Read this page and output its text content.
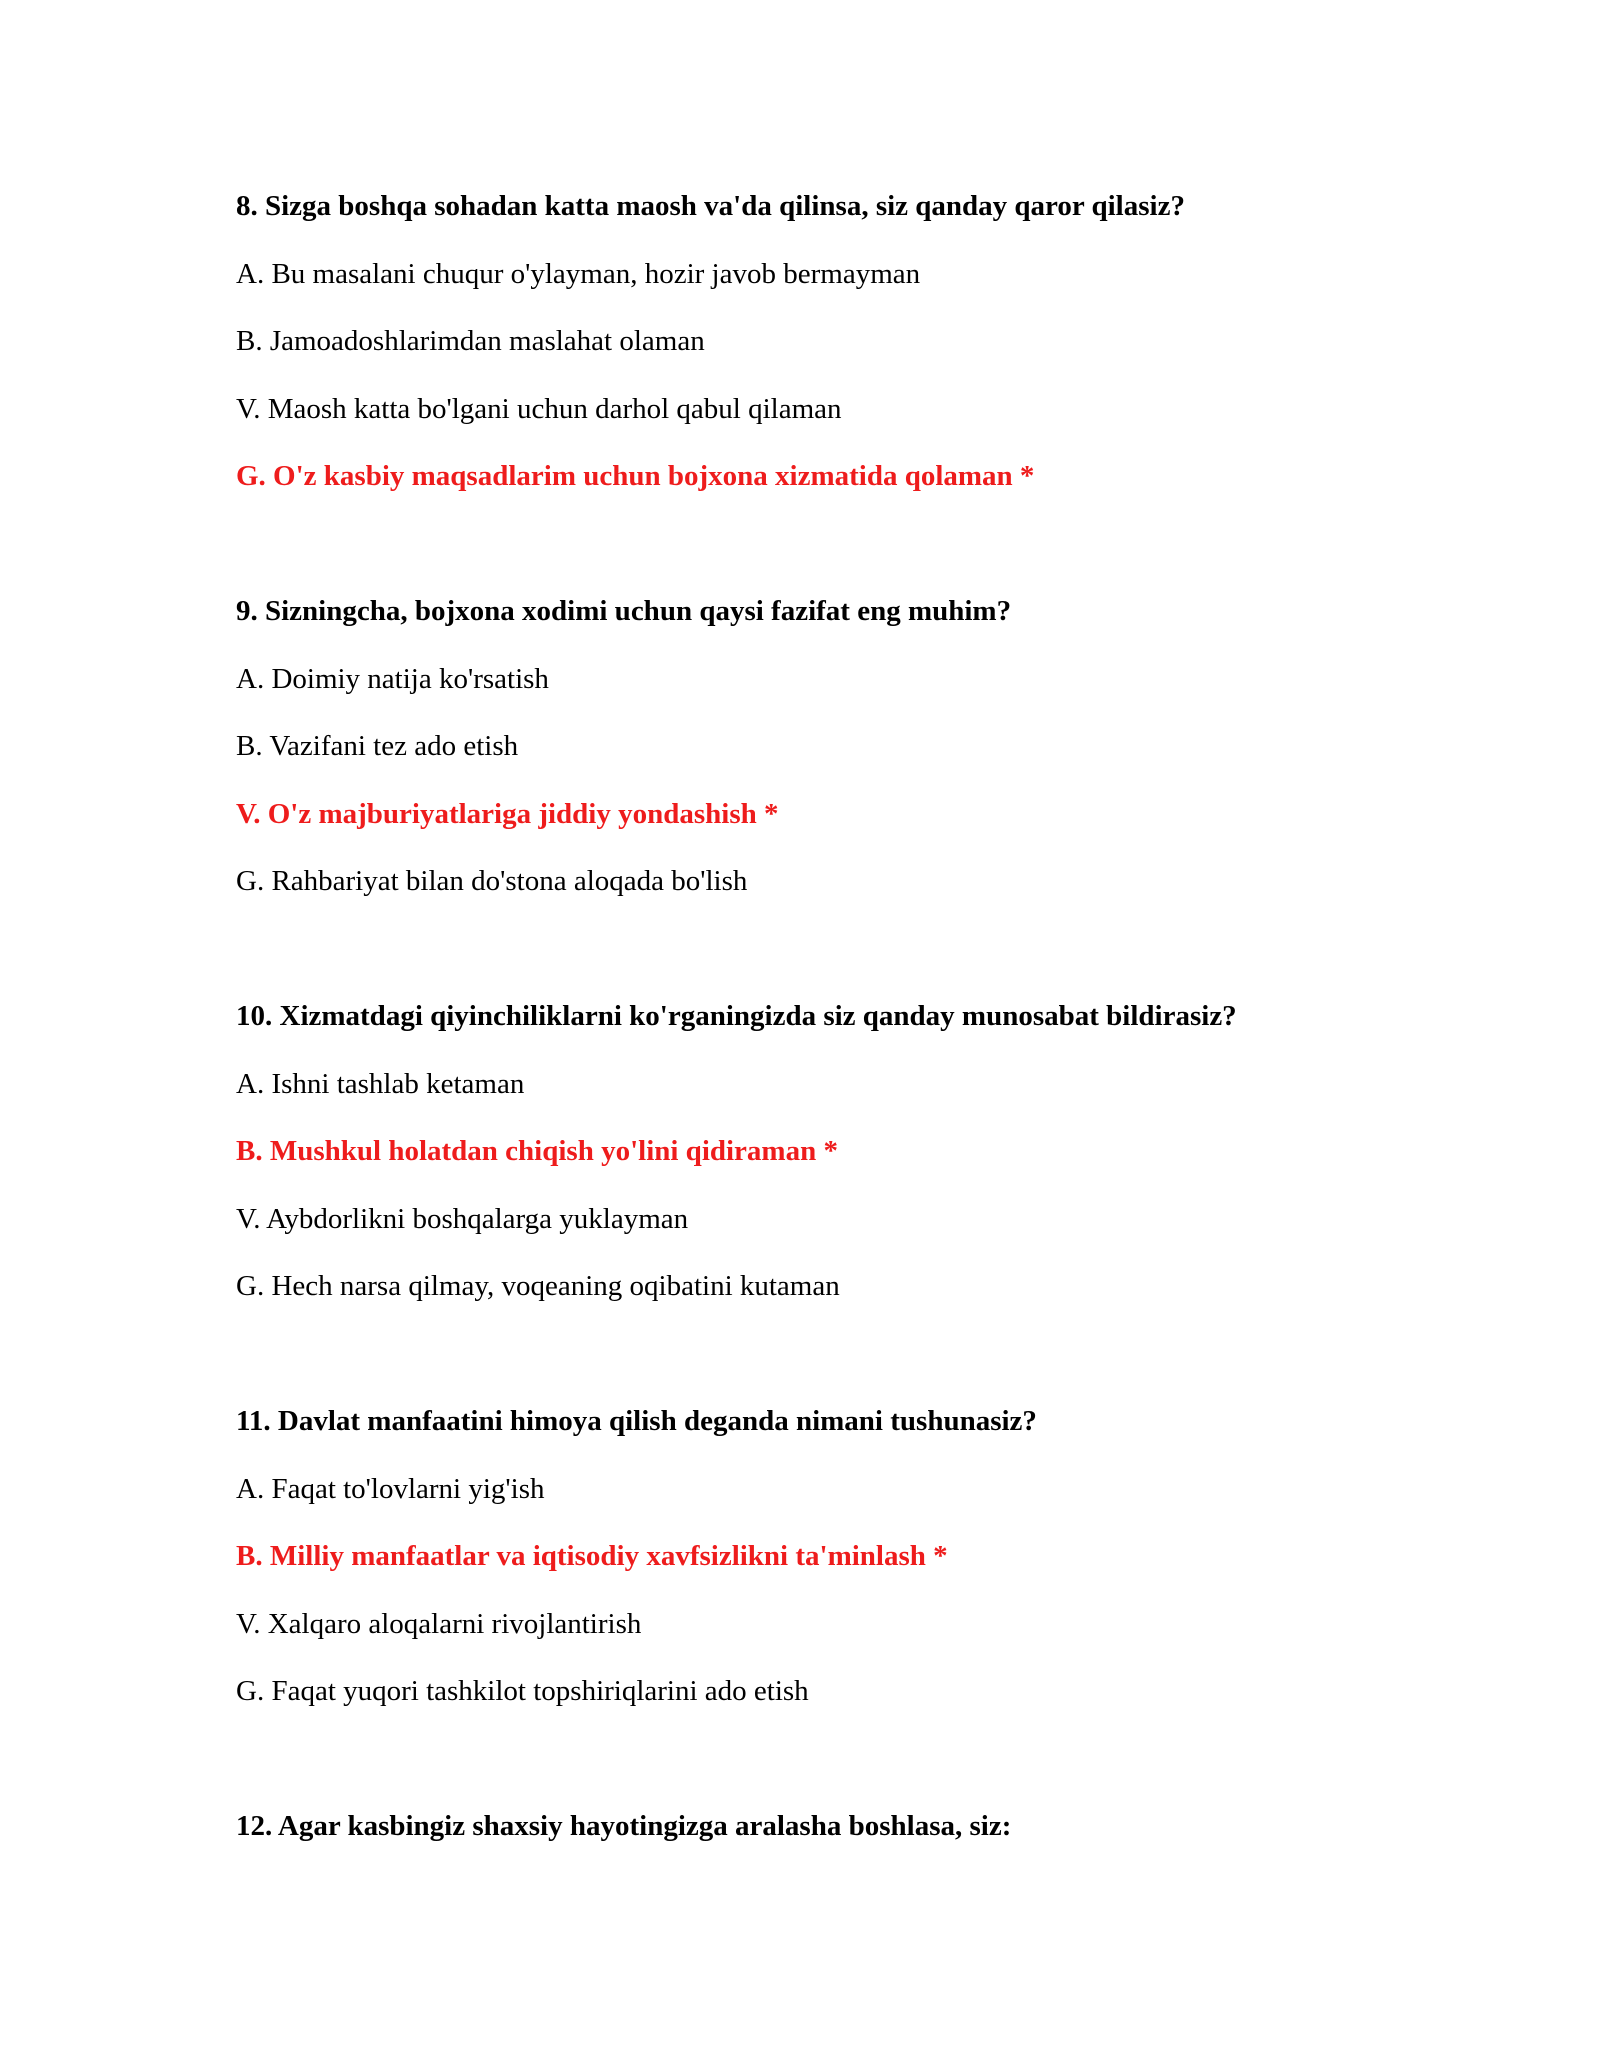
8. Sizga boshqa sohadan katta maosh va'da qilinsa, siz qanday qaror qilasiz?
A. Bu masalani chuqur o'ylayman, hozir javob bermayman
B. Jamoadoshlarimdan maslahat olaman
V. Maosh katta bo'lgani uchun darhol qabul qilaman
G. O'z kasbiy maqsadlarim uchun bojxona xizmatida qolaman *
9. Sizningcha, bojxona xodimi uchun qaysi fazifat eng muhim?
A. Doimiy natija ko'rsatish
B. Vazifani tez ado etish
V. O'z majburiyatlariga jiddiy yondashish *
G. Rahbariyat bilan do'stona aloqada bo'lish
10. Xizmatdagi qiyinchiliklarni ko'rganingizda siz qanday munosabat bildirasiz?
A. Ishni tashlab ketaman
B. Mushkul holatdan chiqish yo'lini qidiraman *
V. Aybdorlikni boshqalarga yuklayman
G. Hech narsa qilmay, voqeaning oqibatini kutaman
11. Davlat manfaatini himoya qilish deganda nimani tushunasiz?
A. Faqat to'lovlarni yig'ish
B. Milliy manfaatlar va iqtisodiy xavfsizlikni ta'minlash *
V. Xalqaro aloqalarni rivojlantirish
G. Faqat yuqori tashkilot topshiriqlarini ado etish
12. Agar kasbingiz shaxsiy hayotingizga aralasha boshlasa, siz:
